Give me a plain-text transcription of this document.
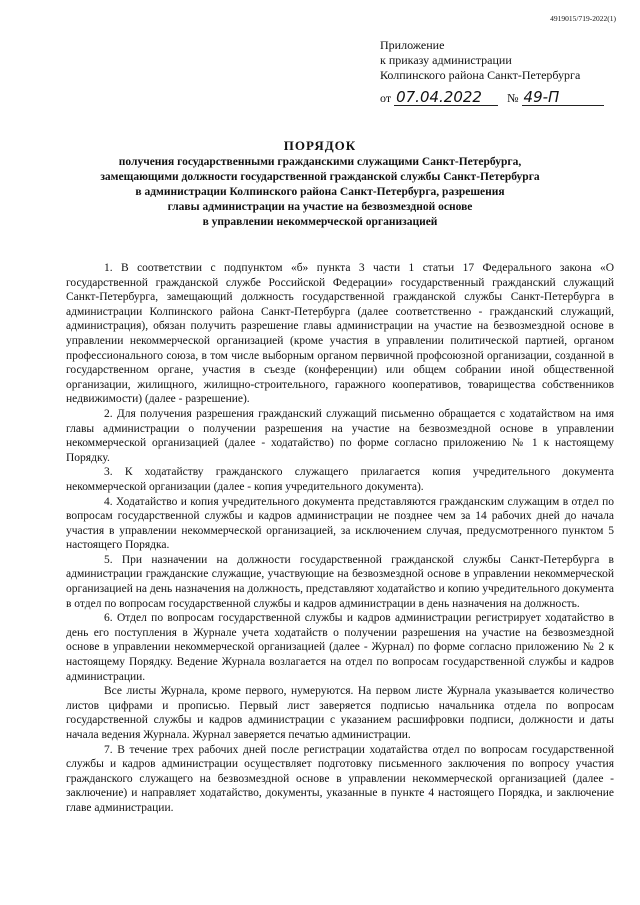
4919015/719-2022(1)
Приложение
к приказу администрации
Колпинского района Санкт-Петербурга
от 07.04.2022 № 49-П
ПОРЯДОК
получения государственными гражданскими служащими Санкт-Петербурга,
замещающими должности государственной гражданской службы Санкт-Петербурга
в администрации Колпинского района Санкт-Петербурга, разрешения
главы администрации на участие на безвозмездной основе
в управлении некоммерческой организацией

1. В соответствии с подпунктом «б» пункта 3 части 1 статьи 17 Федерального закона «О государственной гражданской службе Российской Федерации» государственный гражданский служащий Санкт-Петербурга, замещающий должность государственной гражданской службы Санкт-Петербурга в администрации Колпинского района Санкт-Петербурга (далее соответственно - гражданский служащий, администрация), обязан получить разрешение главы администрации на участие на безвозмездной основе в управлении некоммерческой организацией (кроме участия в управлении политической партией, органом профессионального союза, в том числе выборным органом первичной профсоюзной организации, созданной в государственном органе, участия в съезде (конференции) или общем собрании иной общественной организации, жилищного, жилищно-строительного, гаражного кооперативов, товарищества собственников недвижимости) (далее - разрешение).

2. Для получения разрешения гражданский служащий письменно обращается с ходатайством на имя главы администрации о получении разрешения на участие на безвозмездной основе в управлении некоммерческой организацией (далее - ходатайство) по форме согласно приложению № 1 к настоящему Порядку.

3. К ходатайству гражданского служащего прилагается копия учредительного документа некоммерческой организации (далее - копия учредительного документа).

4. Ходатайство и копия учредительного документа представляются гражданским служащим в отдел по вопросам государственной службы и кадров администрации не позднее чем за 14 рабочих дней до начала участия в управлении некоммерческой организацией, за исключением случая, предусмотренного пунктом 5 настоящего Порядка.

5. При назначении на должности государственной гражданской службы Санкт-Петербурга в администрации гражданские служащие, участвующие на безвозмездной основе в управлении некоммерческой организацией на день назначения на должность, представляют ходатайство и копию учредительного документа в отдел по вопросам государственной службы и кадров администрации в день назначения на должность.

6. Отдел по вопросам государственной службы и кадров администрации регистрирует ходатайство в день его поступления в Журнале учета ходатайств о получении разрешения на участие на безвозмездной основе в управлении некоммерческой организацией (далее - Журнал) по форме согласно приложению № 2 к настоящему Порядку. Ведение Журнала возлагается на отдел по вопросам государственной службы и кадров администрации.

Все листы Журнала, кроме первого, нумеруются. На первом листе Журнала указывается количество листов цифрами и прописью. Первый лист заверяется подписью начальника отдела по вопросам государственной службы и кадров администрации с указанием расшифровки подписи, должности и даты начала ведения Журнала. Журнал заверяется печатью администрации.

7. В течение трех рабочих дней после регистрации ходатайства отдел по вопросам государственной службы и кадров администрации осуществляет подготовку письменного заключения по вопросу участия гражданского служащего на безвозмездной основе в управлении некоммерческой организацией (далее - заключение) и направляет ходатайство, документы, указанные в пункте 4 настоящего Порядка, и заключение главе администрации.
